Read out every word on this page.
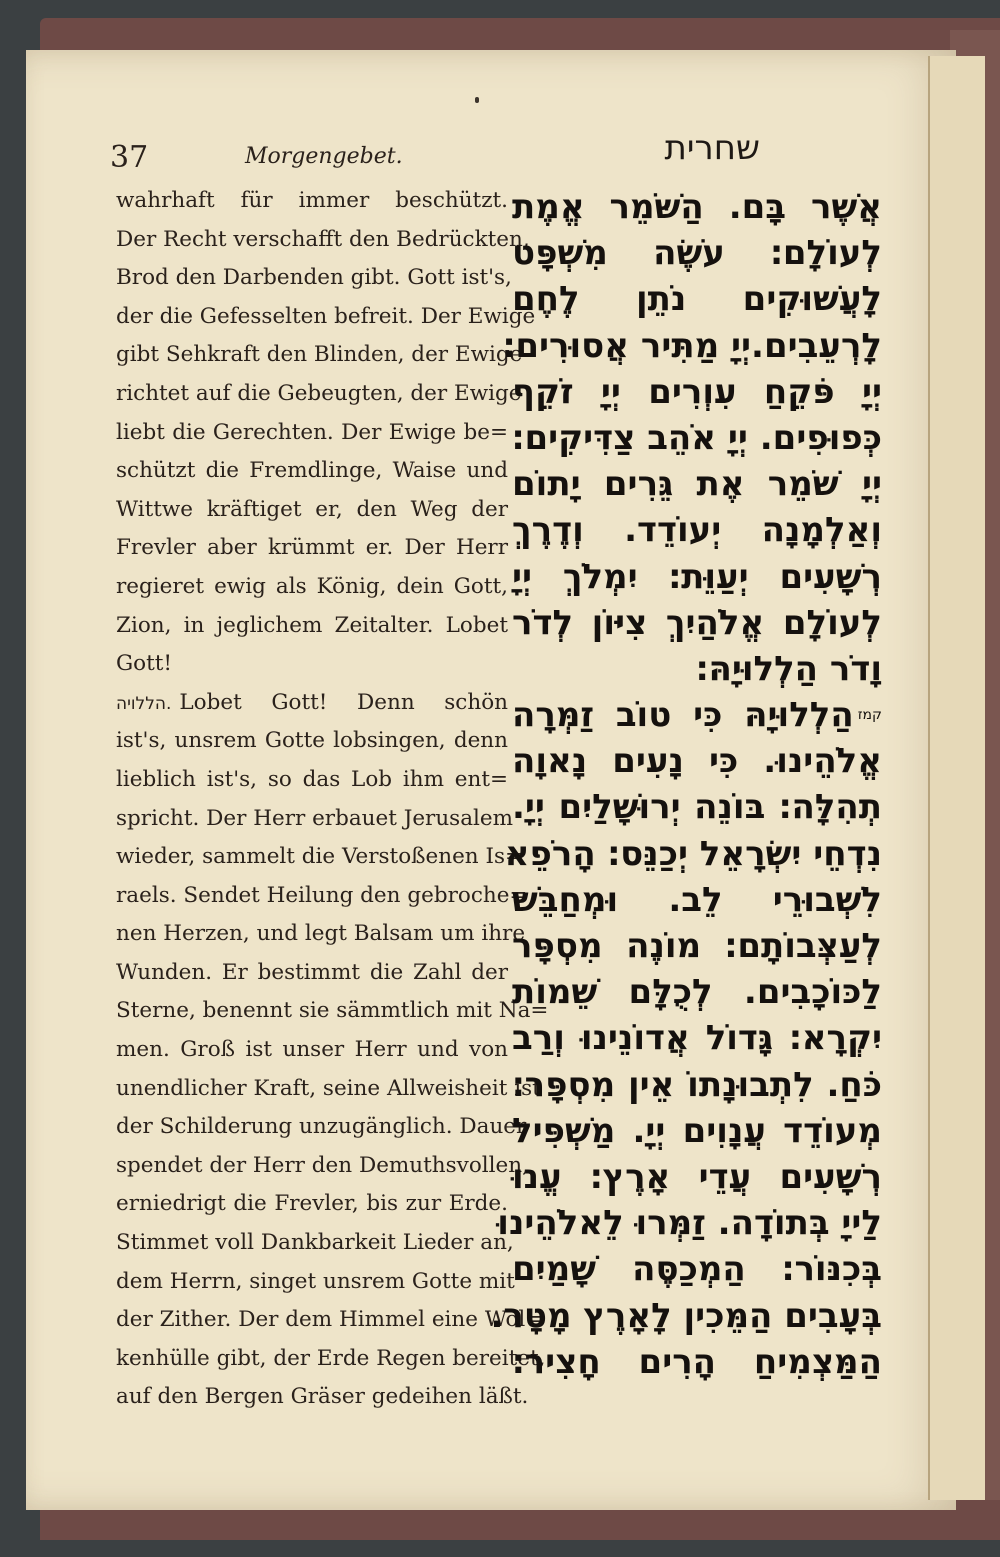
37	Morgengebet.	שחרית
wahrhaft für immer beschützt.
Der Recht verschafft den Bedrückten,
Brod den Darbenden gibt. Gott ist's,
der die Gefesselten befreit. Der Ewige
gibt Sehkraft den Blinden, der Ewige
richtet auf die Gebeugten, der Ewige
liebt die Gerechten. Der Ewige be=
schützt die Fremdlinge, Waise und
Wittwe kräftiget er, den Weg der
Frevler aber krümmt er. Der Herr
regieret ewig als König, dein Gott,
Zion, in jeglichem Zeitalter. Lobet
Gott!
הללויה. Lobet Gott! Denn schön
ist's, unsrem Gotte lobsingen, denn
lieblich ist's, so das Lob ihm ent=
spricht. Der Herr erbauet Jerusalem
wieder, sammelt die Verstoßenen Is=
raels. Sendet Heilung den gebroche=
nen Herzen, und legt Balsam um ihre
Wunden. Er bestimmt die Zahl der
Sterne, benennt sie sämmtlich mit Na=
men. Groß ist unser Herr und von
unendlicher Kraft, seine Allweisheit ist
der Schilderung unzugänglich. Dauer
spendet der Herr den Demuthsvollen,
erniedrigt die Frevler, bis zur Erde.
Stimmet voll Dankbarkeit Lieder an,
dem Herrn, singet unsrem Gotte mit
der Zither. Der dem Himmel eine Wol=
kenhülle gibt, der Erde Regen bereitet,
auf den Bergen Gräser gedeihen läßt.
אֲשֶׁר בָּם. הַשֹּׁמֵר אֱמֶת
לְעוֹלָם׃ עֹשֶׂה מִשְׁפָּט
לָעֲשׁוּקִים נֹתֵן לֶחֶם
לָרְעֵבִים.יְיָ מַתִּיר אֲסוּרִים׃
יְיָ פֹּקֵחַ עִוְרִים יְיָ זֹקֵף
כְּפוּפִים. יְיָ אֹהֵב צַדִּיקִים׃
יְיָ שֹׁמֵר אֶת גֵּרִים יָתוֹם
וְאַלְמָנָה יְעוֹדֵד. וְדֶרֶךְ
רְשָׁעִים יְעַוֵּת׃ יִמְלֹךְ יְיָ
לְעוֹלָם אֱלֹהַיִךְ צִיּוֹן לְדֹר
וָדֹר הַלְלוּיָהּ׃
$^{קמז}$הַלְלוּיָהּ כִּי טוֹב זַמְּרָה
אֱלֹהֵינוּ. כִּי נָעִים נָאוָה
תְהִלָּה׃ בּוֹנֵה יְרוּשָׁלַיִם יְיָ.
נִדְחֵי יִשְׂרָאֵל יְכַנֵּס׃ הָרֹפֵא
לִשְׁבוּרֵי לֵב. וּמְחַבֵּשׁ
לְעַצְּבוֹתָם׃ מוֹנֶה מִסְפָּר
לַכּוֹכָבִים. לְכֻלָּם שֵׁמוֹת
יִקְרָא׃ גָּדוֹל אֲדוֹנֵינוּ וְרַב
כֹּחַ. לִתְבוּנָתוֹ אֵין מִסְפָּר׃
מְעוֹדֵד עֲנָוִים יְיָ. מַשְׁפִּיל
רְשָׁעִים עֲדֵי אָרֶץ׃ עֱנוּ
לַייָ בְּתוֹדָה. זַמְּרוּ לֵאלֹהֵינוּ
בְּכִנּוֹר׃ הַמְכַסֶּה שָׁמַיִם
בְּעָבִים הַמֵּכִין לָאָרֶץ מָטָר.
הַמַּצְמִיחַ הָרִים חָצִיר׃
